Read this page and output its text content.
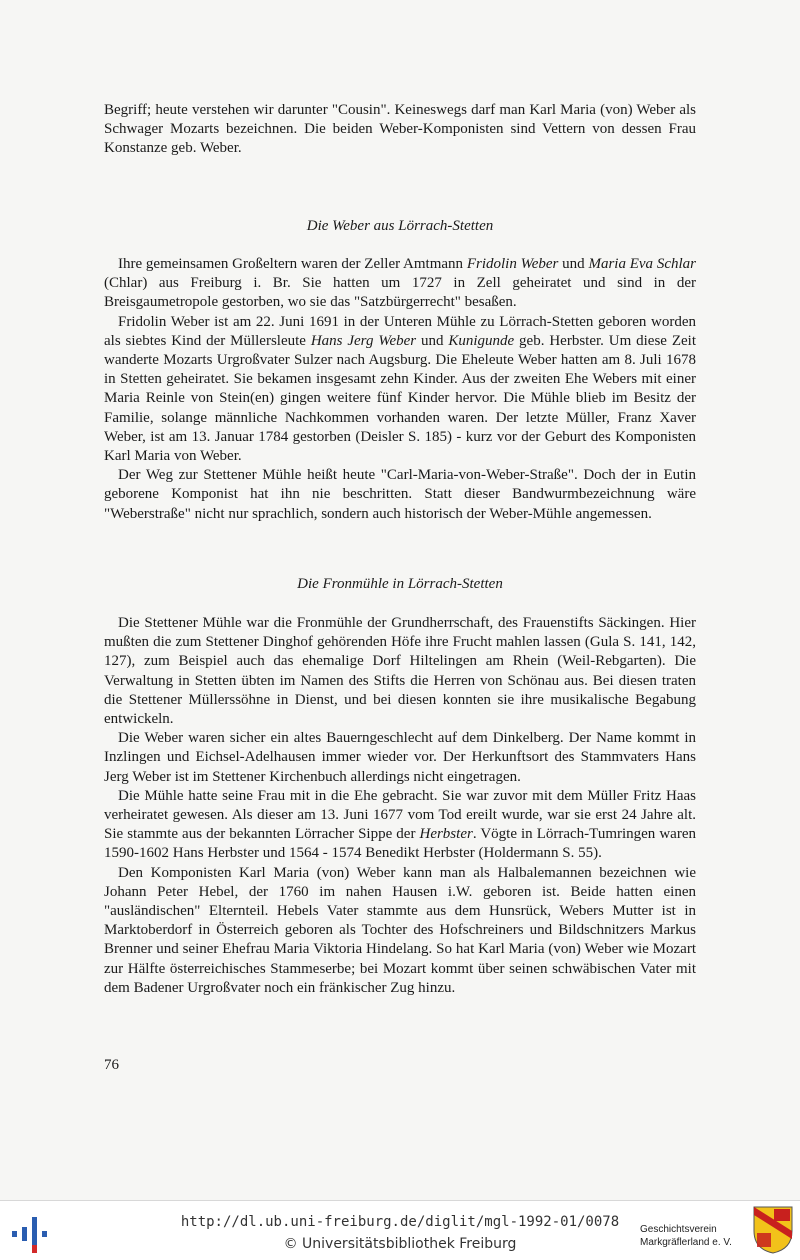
Begriff; heute verstehen wir darunter "Cousin". Keineswegs darf man Karl Maria (von) Weber als Schwager Mozarts bezeichnen. Die beiden Weber-Komponisten sind Vettern von dessen Frau Konstanze geb. Weber.

Die Weber aus Lörrach-Stetten

Ihre gemeinsamen Großeltern waren der Zeller Amtmann Fridolin Weber und Maria Eva Schlar (Chlar) aus Freiburg i. Br. Sie hatten um 1727 in Zell geheiratet und sind in der Breisgaumetropole gestorben, wo sie das "Satzbürgerrecht" besaßen.

Fridolin Weber ist am 22. Juni 1691 in der Unteren Mühle zu Lörrach-Stetten geboren worden als siebtes Kind der Müllersleute Hans Jerg Weber und Kunigunde geb. Herbster. Um diese Zeit wanderte Mozarts Urgroßvater Sulzer nach Augsburg. Die Eheleute Weber hatten am 8. Juli 1678 in Stetten geheiratet. Sie bekamen insgesamt zehn Kinder. Aus der zweiten Ehe Webers mit einer Maria Reinle von Stein(en) gingen weitere fünf Kinder hervor. Die Mühle blieb im Besitz der Familie, solange männliche Nachkommen vorhanden waren. Der letzte Müller, Franz Xaver Weber, ist am 13. Januar 1784 gestorben (Deisler S. 185) - kurz vor der Geburt des Komponisten Karl Maria von Weber.

Der Weg zur Stettener Mühle heißt heute "Carl-Maria-von-Weber-Straße". Doch der in Eutin geborene Komponist hat ihn nie beschritten. Statt dieser Bandwurmbezeichnung wäre "Weberstraße" nicht nur sprachlich, sondern auch historisch der Weber-Mühle angemessen.

Die Fronmühle in Lörrach-Stetten

Die Stettener Mühle war die Fronmühle der Grundherrschaft, des Frauenstifts Säckingen. Hier mußten die zum Stettener Dinghof gehörenden Höfe ihre Frucht mahlen lassen (Gula S. 141, 142, 127), zum Beispiel auch das ehemalige Dorf Hiltelingen am Rhein (Weil-Rebgarten). Die Verwaltung in Stetten übten im Namen des Stifts die Herren von Schönau aus. Bei diesen traten die Stettener Müllerssöhne in Dienst, und bei diesen konnten sie ihre musikalische Begabung entwickeln.

Die Weber waren sicher ein altes Bauerngeschlecht auf dem Dinkelberg. Der Name kommt in Inzlingen und Eichsel-Adelhausen immer wieder vor. Der Herkunftsort des Stammvaters Hans Jerg Weber ist im Stettener Kirchenbuch allerdings nicht eingetragen.

Die Mühle hatte seine Frau mit in die Ehe gebracht. Sie war zuvor mit dem Müller Fritz Haas verheiratet gewesen. Als dieser am 13. Juni 1677 vom Tod ereilt wurde, war sie erst 24 Jahre alt. Sie stammte aus der bekannten Lörracher Sippe der Herbster. Vögte in Lörrach-Tumringen waren 1590-1602 Hans Herbster und 1564 - 1574 Benedikt Herbster (Holdermann S. 55).

Den Komponisten Karl Maria (von) Weber kann man als Halbalemannen bezeichnen wie Johann Peter Hebel, der 1760 im nahen Hausen i.W. geboren ist. Beide hatten einen "ausländischen" Elternteil. Hebels Vater stammte aus dem Hunsrück, Webers Mutter ist in Marktoberdorf in Österreich geboren als Tochter des Hofschreiners und Bildschnitzers Markus Brenner und seiner Ehefrau Maria Viktoria Hindelang. So hat Karl Maria (von) Weber wie Mozart zur Hälfte österreichisches Stammeserbe; bei Mozart kommt über seinen schwäbischen Vater mit dem Badener Urgroßvater noch ein fränkischer Zug hinzu.

76
http://dl.ub.uni-freiburg.de/diglit/mgl-1992-01/0078
© Universitätsbibliothek Freiburg
Geschichtsverein
Markgräflerland e. V.
